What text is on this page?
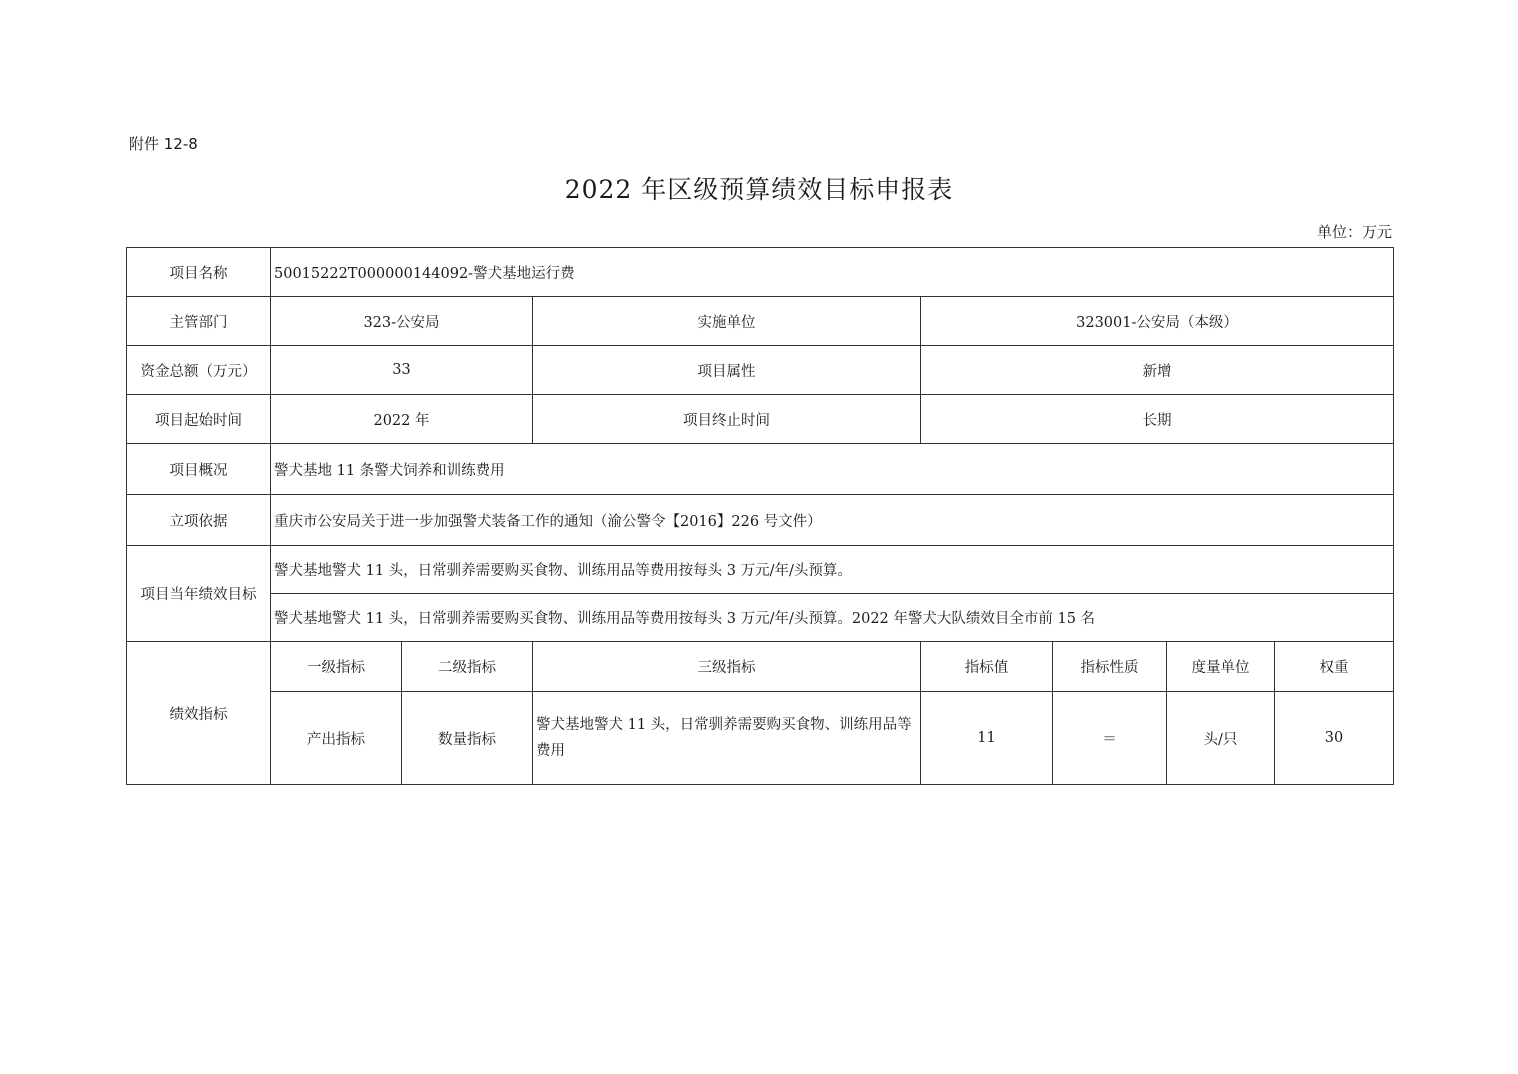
附件 12-8
2022 年区级预算绩效目标申报表
单位：万元
项目名称	50015222T000000144092-警犬基地运行费						
主管部门	323-公安局		实施单位	323001-公安局（本级）			
资金总额（万元）	33		项目属性	新增			
项目起始时间	2022 年		项目终止时间	长期			
项目概况	警犬基地 11 条警犬饲养和训练费用						
立项依据	重庆市公安局关于进一步加强警犬装备工作的通知（渝公警令【2016】226 号文件）						
项目当年绩效目标	警犬基地警犬 11 头，日常驯养需要购买食物、训练用品等费用按每头 3 万元/年/头预算。						
	警犬基地警犬 11 头，日常驯养需要购买食物、训练用品等费用按每头 3 万元/年/头预算。2022 年警犬大队绩效目全市前 15 名						
绩效指标	一级指标	二级指标	三级指标	指标值	指标性质	度量单位	权重
	产出指标	数量指标	警犬基地警犬 11 头，日常驯养需要购买食物、训练用品等费用	11	＝	头/只	30
